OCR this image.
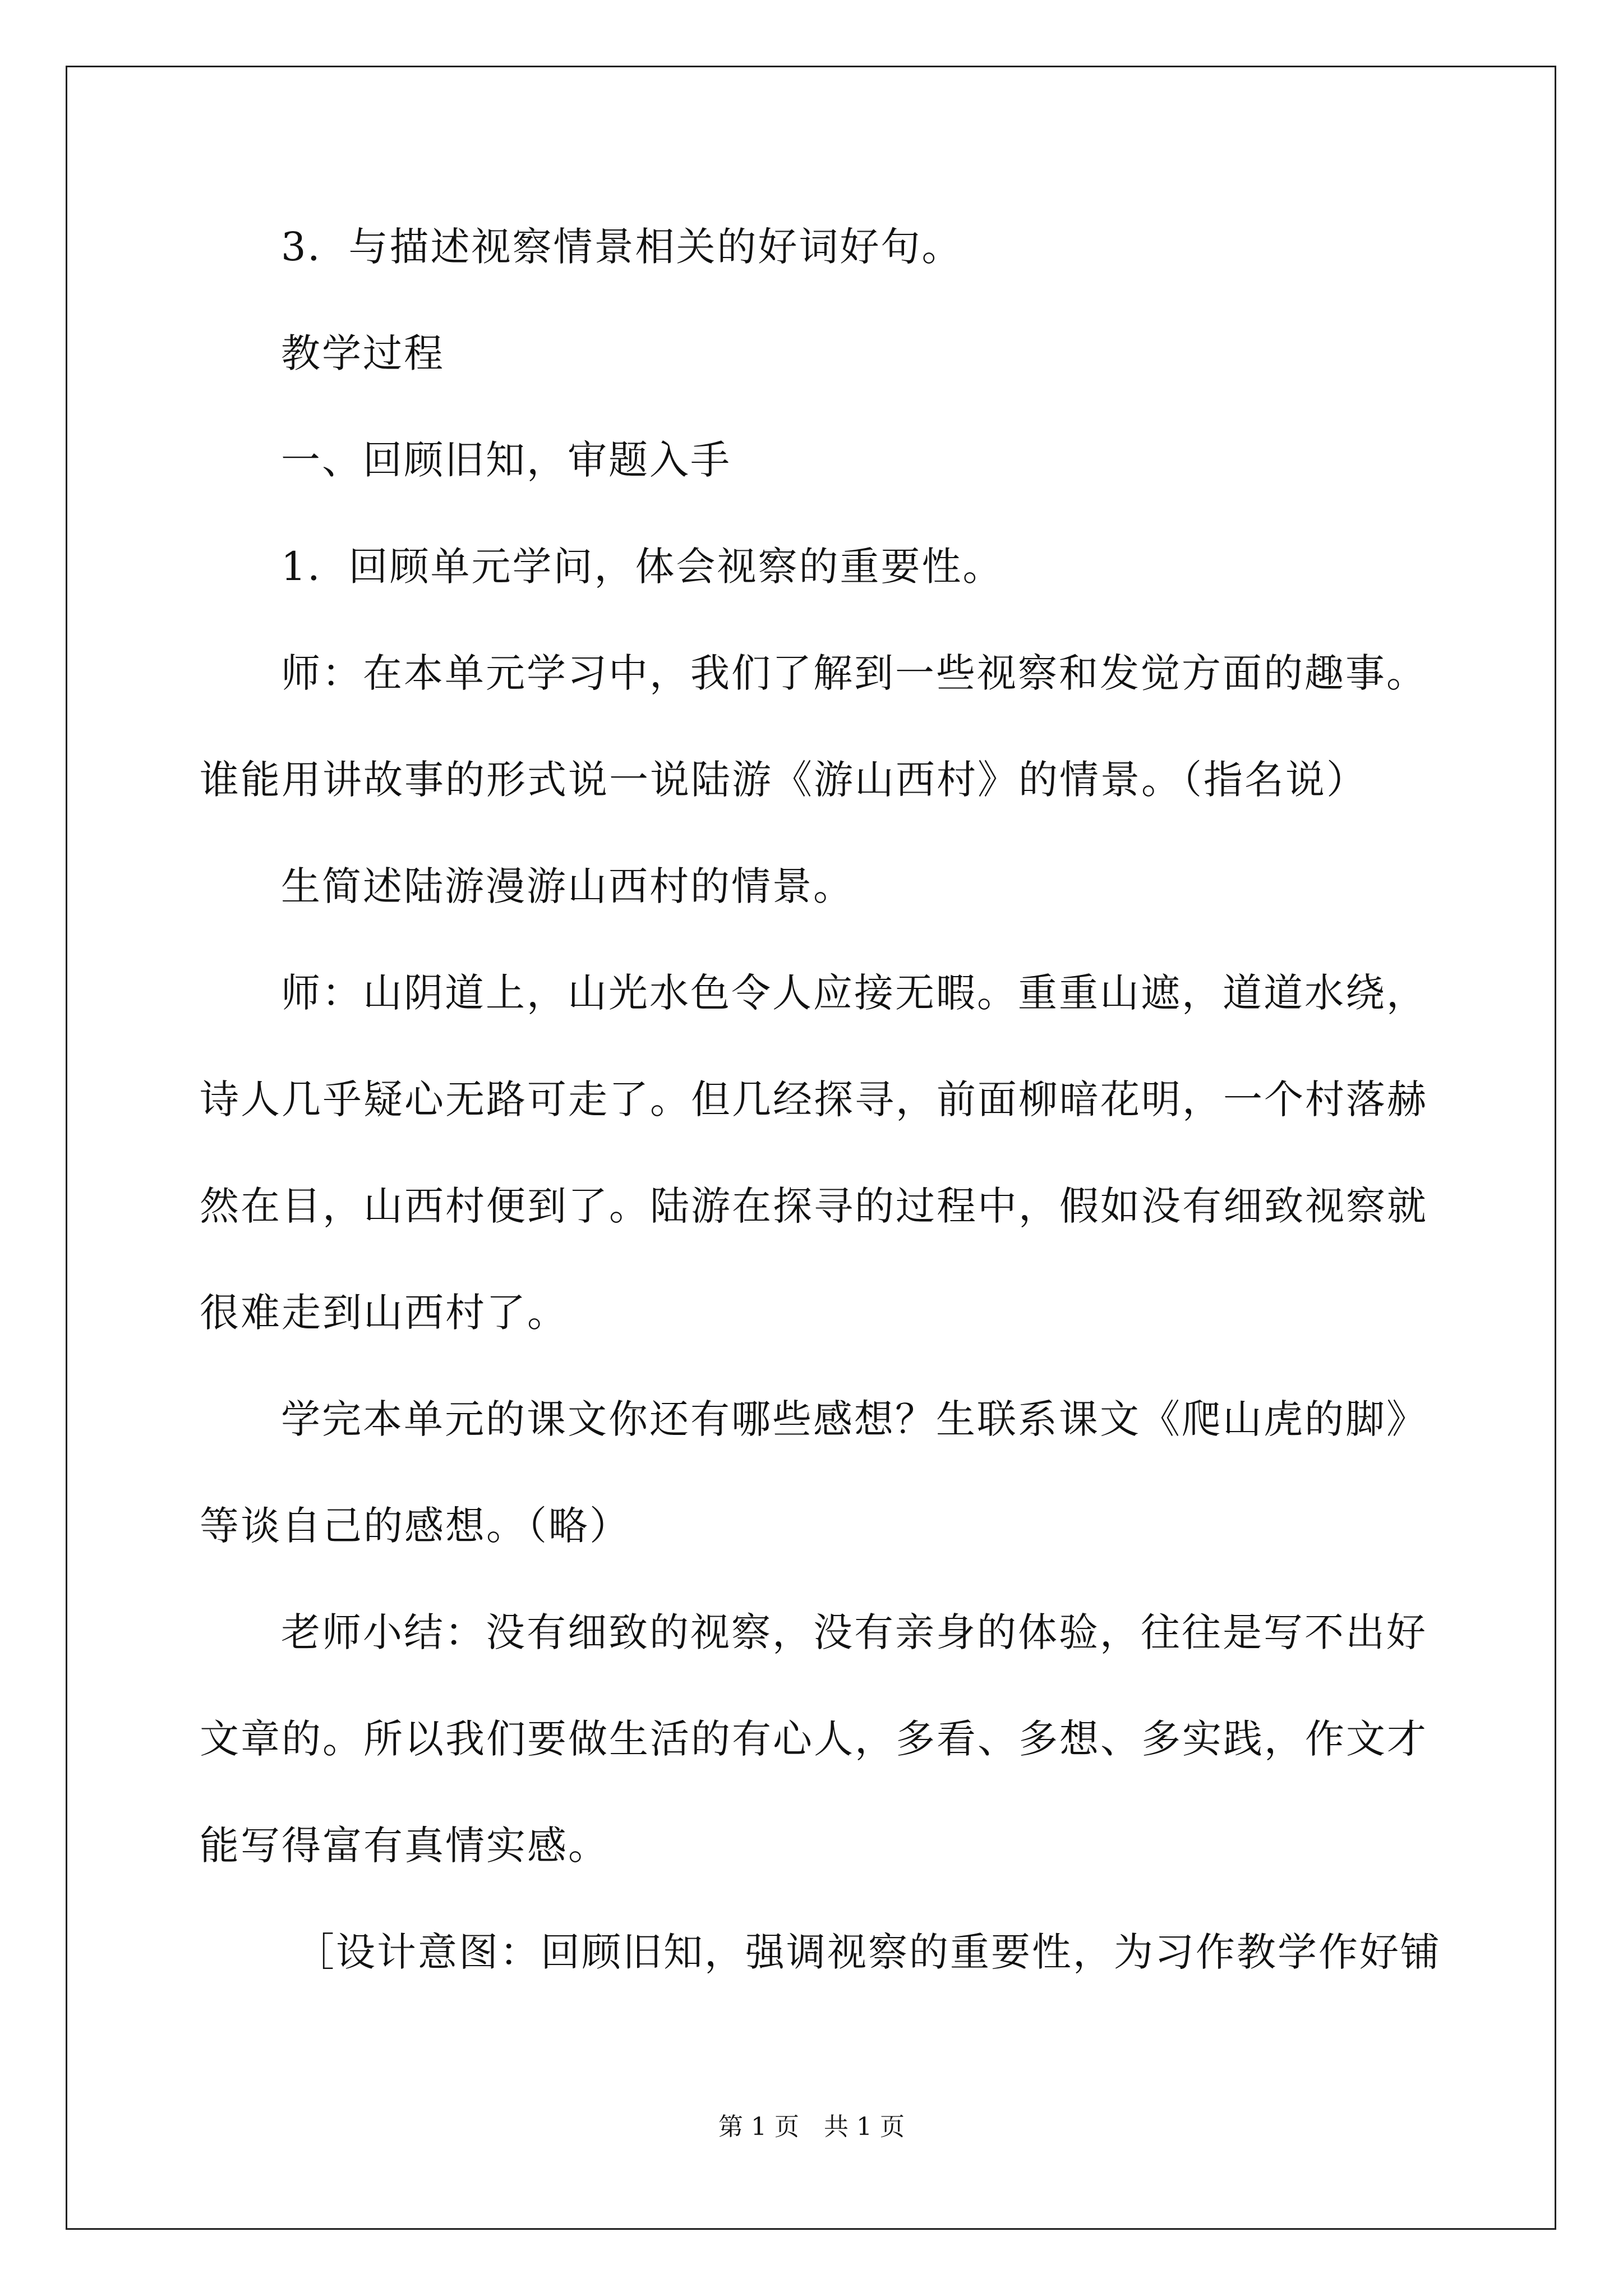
3．与描述视察情景相关的好词好句。
教学过程
一、回顾旧知，审题入手
1．回顾单元学问，体会视察的重要性。
师：在本单元学习中，我们了解到一些视察和发觉方面的趣事。
谁能用讲故事的形式说一说陆游《游山西村》的情景。（指名说）
生简述陆游漫游山西村的情景。
师：山阴道上，山光水色令人应接无暇。重重山遮，道道水绕，
诗人几乎疑心无路可走了。但几经探寻，前面柳暗花明，一个村落赫
然在目，山西村便到了。陆游在探寻的过程中，假如没有细致视察就
很难走到山西村了。
学完本单元的课文你还有哪些感想？生联系课文《爬山虎的脚》
等谈自己的感想。（略）
老师小结：没有细致的视察，没有亲身的体验，往往是写不出好
文章的。所以我们要做生活的有心人，多看、多想、多实践，作文才
能写得富有真情实感。
［设计意图：回顾旧知，强调视察的重要性，为习作教学作好铺
第 1 页　共 1 页
